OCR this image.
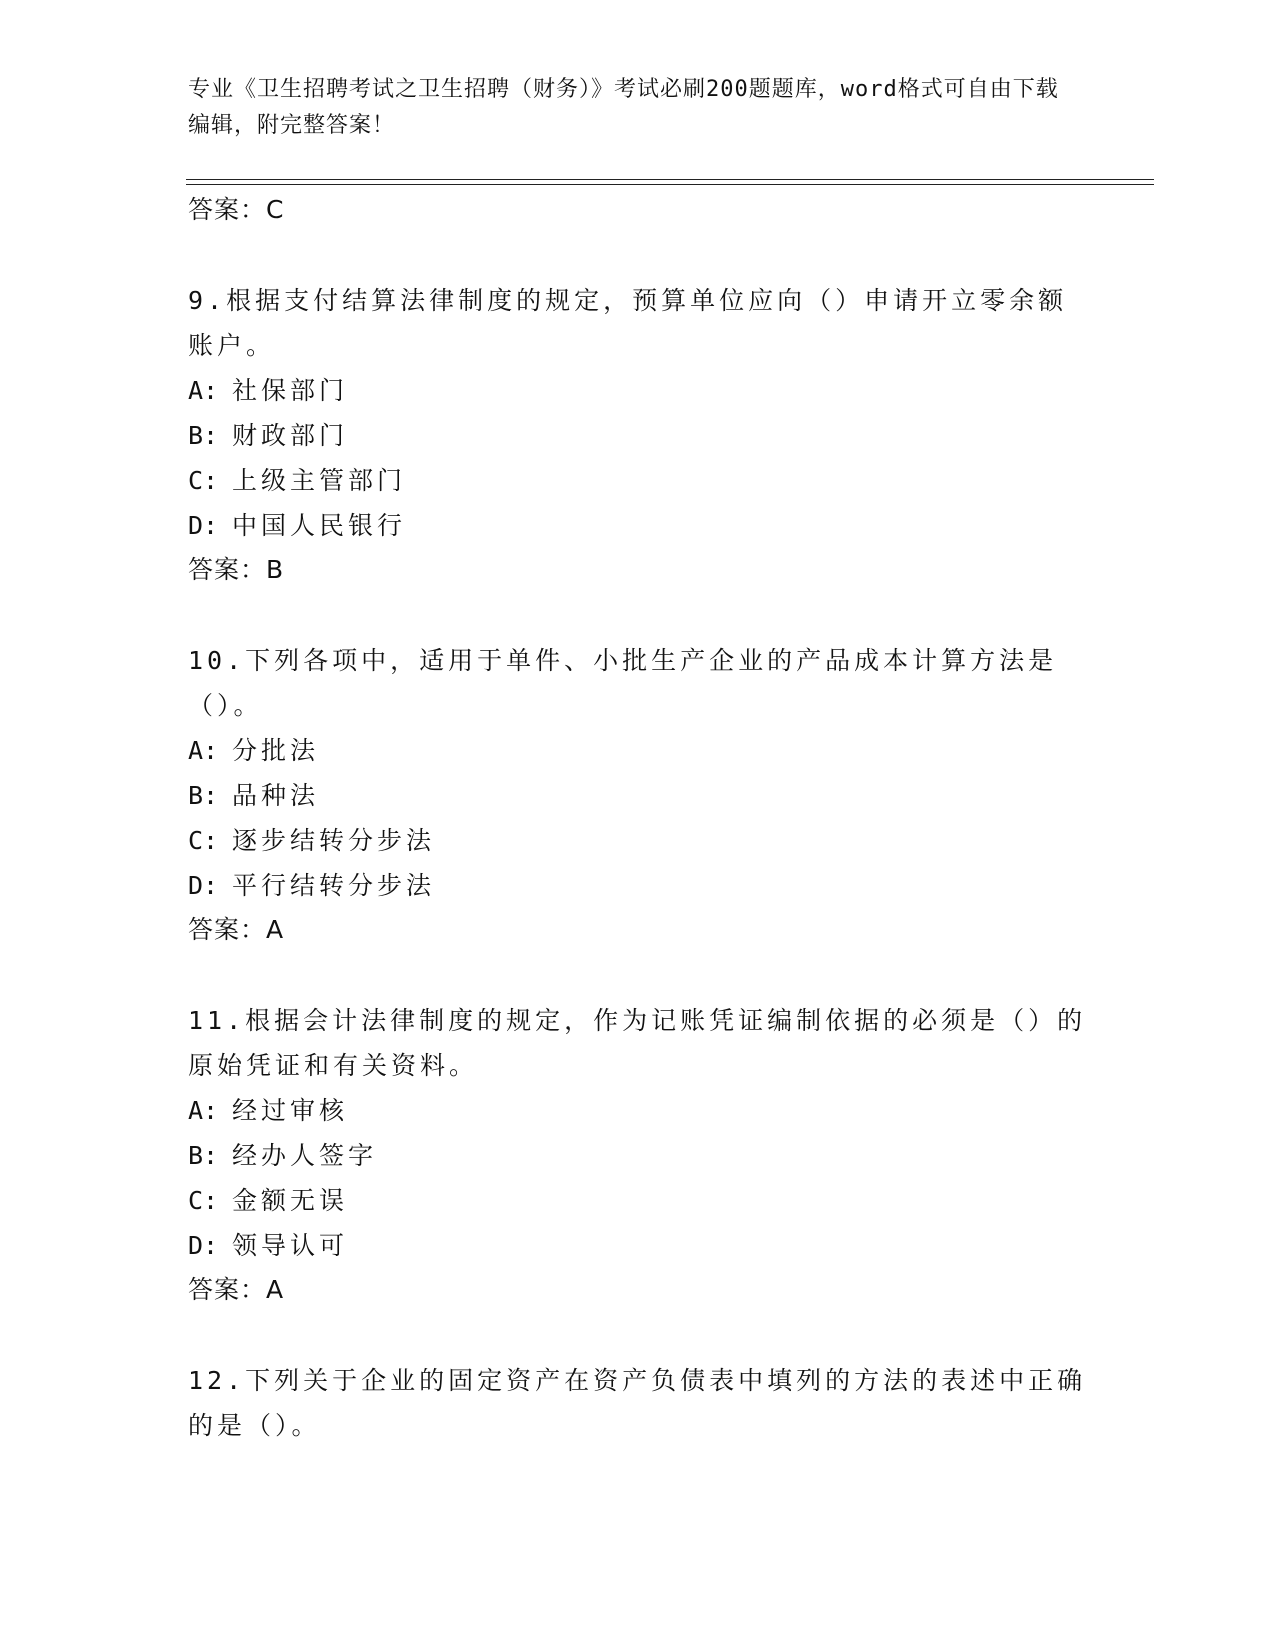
专业《卫生招聘考试之卫生招聘（财务）》考试必刷200题题库，word格式可自由下载编辑，附完整答案！
答案：C
9.根据支付结算法律制度的规定，预算单位应向（）申请开立零余额账户。
A: 社保部门
B: 财政部门
C: 上级主管部门
D: 中国人民银行
答案：B
10.下列各项中，适用于单件、小批生产企业的产品成本计算方法是（）。
A: 分批法
B: 品种法
C: 逐步结转分步法
D: 平行结转分步法
答案：A
11.根据会计法律制度的规定，作为记账凭证编制依据的必须是（）的原始凭证和有关资料。
A: 经过审核
B: 经办人签字
C: 金额无误
D: 领导认可
答案：A
12.下列关于企业的固定资产在资产负债表中填列的方法的表述中正确的是（）。
